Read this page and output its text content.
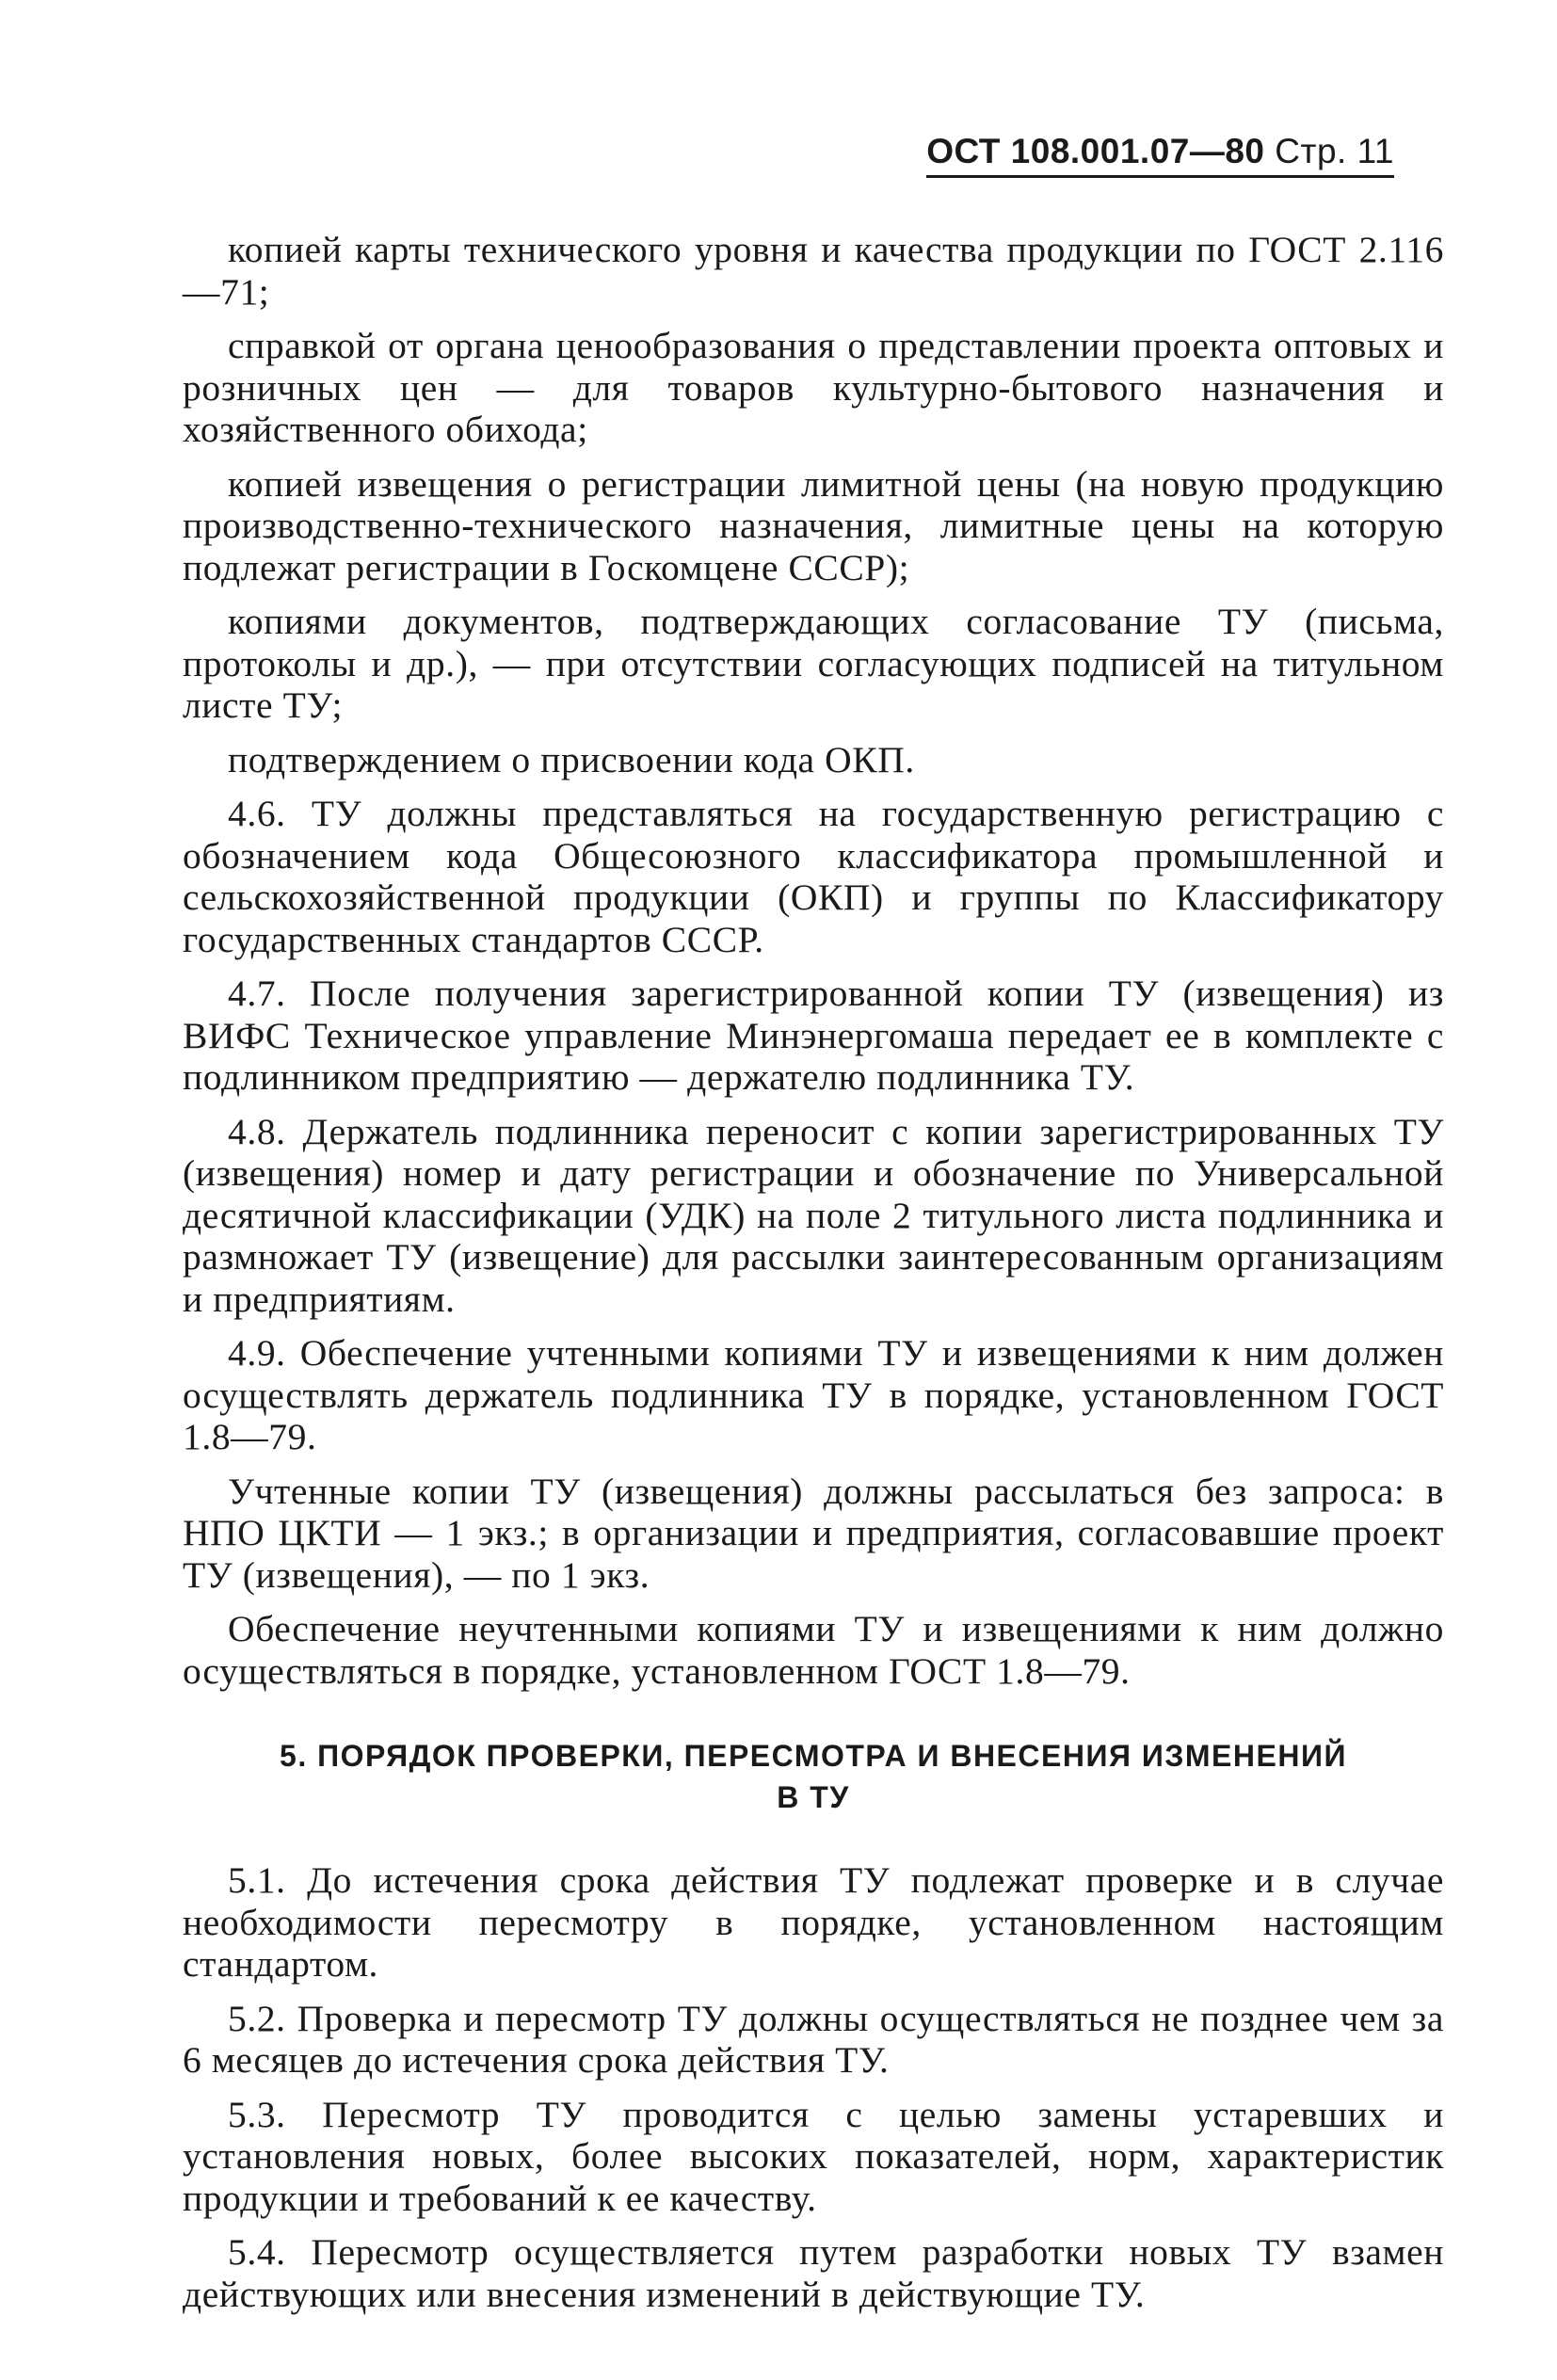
ОСТ 108.001.07—80 Стр. 11

копией карты технического уровня и качества продукции по ГОСТ 2.116—71;

справкой от органа ценообразования о представлении проекта оптовых и розничных цен — для товаров культурно-бытового назначения и хозяйственного обихода;

копией извещения о регистрации лимитной цены (на новую продукцию производственно-технического назначения, лимитные цены на которую подлежат регистрации в Госкомцене СССР);

копиями документов, подтверждающих согласование ТУ (письма, протоколы и др.), — при отсутствии согласующих подписей на титульном листе ТУ;

подтверждением о присвоении кода ОКП.

4.6. ТУ должны представляться на государственную регистрацию с обозначением кода Общесоюзного классификатора промышленной и сельскохозяйственной продукции (ОКП) и группы по Классификатору государственных стандартов СССР.

4.7. После получения зарегистрированной копии ТУ (извещения) из ВИФС Техническое управление Минэнергомаша передает ее в комплекте с подлинником предприятию — держателю подлинника ТУ.

4.8. Держатель подлинника переносит с копии зарегистрированных ТУ (извещения) номер и дату регистрации и обозначение по Универсальной десятичной классификации (УДК) на поле 2 титульного листа подлинника и размножает ТУ (извещение) для рассылки заинтересованным организациям и предприятиям.

4.9. Обеспечение учтенными копиями ТУ и извещениями к ним должен осуществлять держатель подлинника ТУ в порядке, установленном ГОСТ 1.8—79.

Учтенные копии ТУ (извещения) должны рассылаться без запроса: в НПО ЦКТИ — 1 экз.; в организации и предприятия, согласовавшие проект ТУ (извещения), — по 1 экз.

Обеспечение неучтенными копиями ТУ и извещениями к ним должно осуществляться в порядке, установленном ГОСТ 1.8—79.

5. ПОРЯДОК ПРОВЕРКИ, ПЕРЕСМОТРА И ВНЕСЕНИЯ ИЗМЕНЕНИЙ
В ТУ

5.1. До истечения срока действия ТУ подлежат проверке и в случае необходимости пересмотру в порядке, установленном настоящим стандартом.

5.2. Проверка и пересмотр ТУ должны осуществляться не позднее чем за 6 месяцев до истечения срока действия ТУ.

5.3. Пересмотр ТУ проводится с целью замены устаревших и установления новых, более высоких показателей, норм, характеристик продукции и требований к ее качеству.

5.4. Пересмотр осуществляется путем разработки новых ТУ взамен действующих или внесения изменений в действующие ТУ.
